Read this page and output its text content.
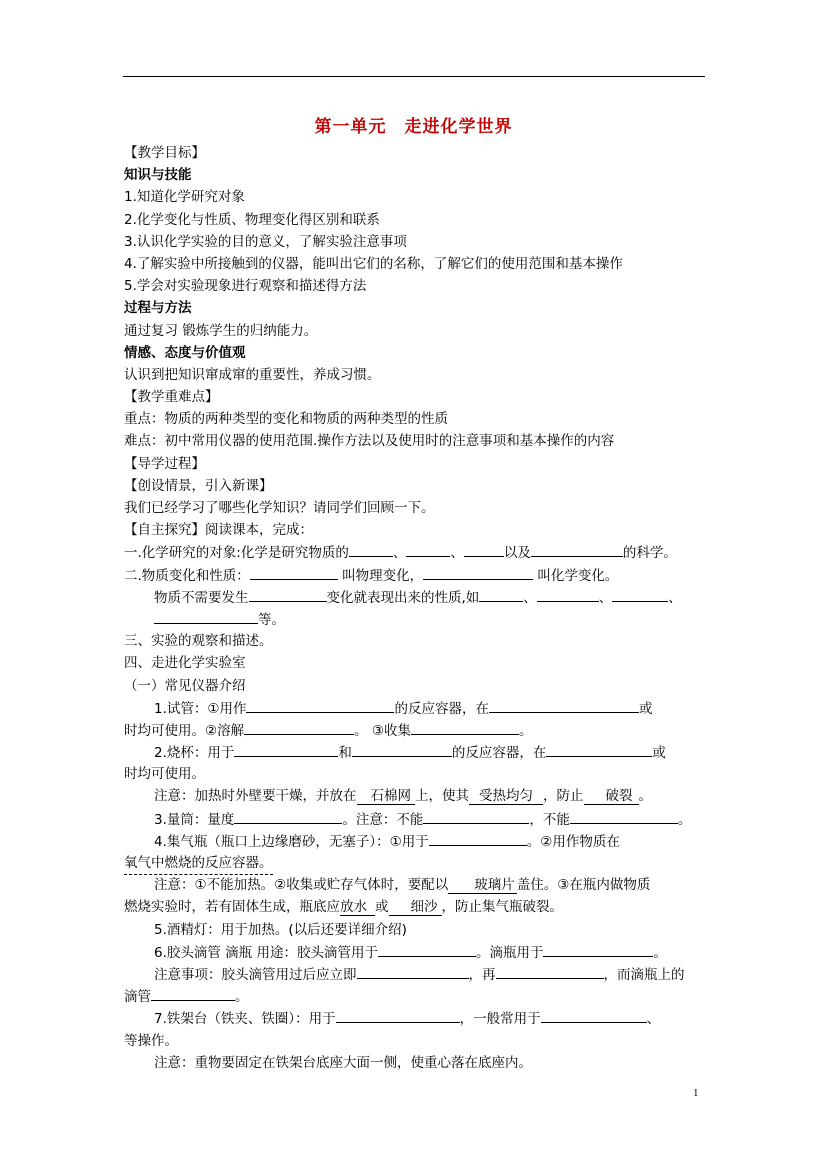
第一单元　走进化学世界
【教学目标】
知识与技能
1.知道化学研究对象
2.化学变化与性质、物理变化得区别和联系
3.认识化学实验的目的意义，了解实验注意事项
4.了解实验中所接触到的仪器，能叫出它们的名称，了解它们的使用范围和基本操作
5.学会对实验现象进行观察和描述得方法
过程与方法
通过复习 锻炼学生的归纳能力。
情感、态度与价值观
认识到把知识窜成窜的重要性，养成习惯。
【教学重难点】
重点：物质的两种类型的变化和物质的两种类型的性质
难点：初中常用仪器的使用范围.操作方法以及使用时的注意事项和基本操作的内容
【导学过程】
【创设情景，引入新课】
我们已经学习了哪些化学知识？请同学们回顾一下。
【自主探究】阅读课本，完成：
一.化学研究的对象:化学是研究物质的	、	、	以及	的科学。
二.物质变化和性质：	叫物理变化，	叫化学变化。
物质不需要发生	变化就表现出来的性质,如	、	、	、
等。
三、实验的观察和描述。
四、走进化学实验室
（一）常见仪器介绍
1.试管：①用作	的反应容器，在	或
时均可使用。②溶解	。 ③收集	。
2.烧杯：用于	和	的反应容器，在	或
时均可使用。
注意：加热时外壁要干燥，并放在 石棉网 上，使其 受热均匀 ，防止 破裂 。
3.量筒：量度	。注意：不能	，不能	。
4.集气瓶（瓶口上边缘磨砂，无塞子）：①用于	。②用作物质在
氧气中燃烧的反应容器。
注意：①不能加热。②收集或贮存气体时，要配以 玻璃片 盖住。③在瓶内做物质
燃烧实验时，若有固体生成，瓶底应放水 或 细沙 ，防止集气瓶破裂。
5.酒精灯：用于加热。(以后还要详细介绍)
6.胶头滴管 滴瓶 用途：胶头滴管用于	。滴瓶用于	。
注意事项：胶头滴管用过后应立即	，再	，而滴瓶上的
滴管	。
7.铁架台（铁夹、铁圈）：用于	，一般常用于	、
等操作。
注意：重物要固定在铁架台底座大面一侧，使重心落在底座内。
1
